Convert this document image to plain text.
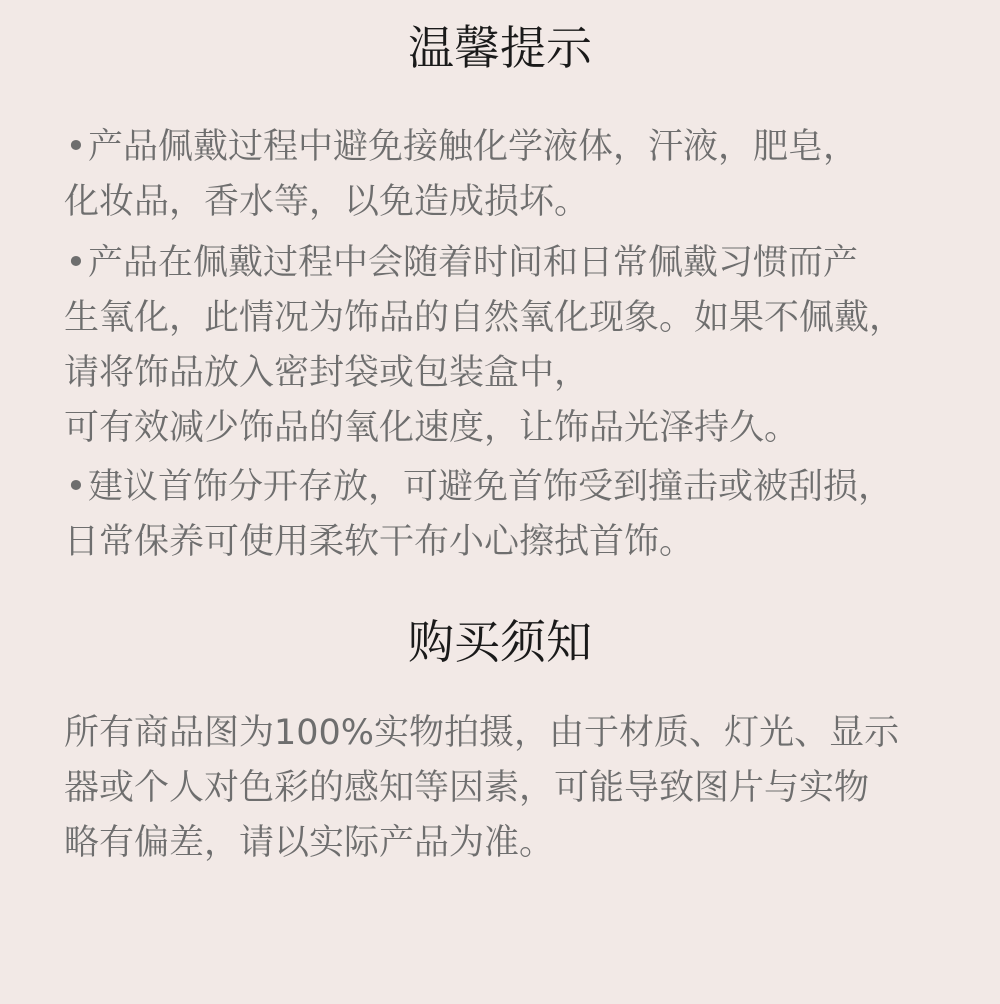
温馨提示

•产品佩戴过程中避免接触化学液体，汗液，肥皂，
化妆品，香水等，以免造成损坏。

•产品在佩戴过程中会随着时间和日常佩戴习惯而产
生氧化，此情况为饰品的自然氧化现象。如果不佩戴，
请将饰品放入密封袋或包装盒中，
可有效减少饰品的氧化速度，让饰品光泽持久。

•建议首饰分开存放，可避免首饰受到撞击或被刮损，
日常保养可使用柔软干布小心擦拭首饰。

购买须知

所有商品图为100%实物拍摄，由于材质、灯光、显示
器或个人对色彩的感知等因素，可能导致图片与实物
略有偏差，请以实际产品为准。
